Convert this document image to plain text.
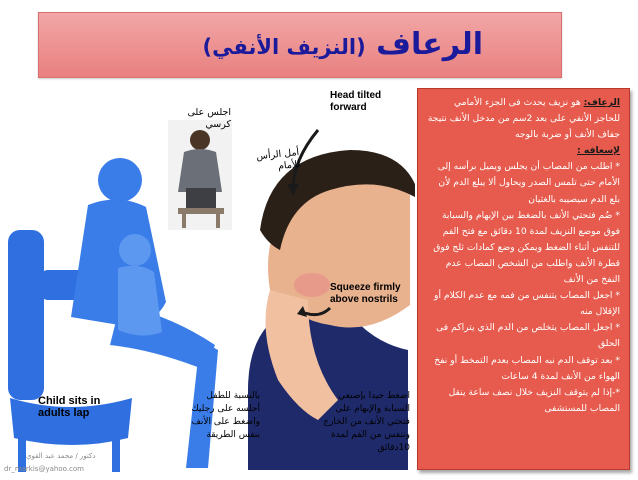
الرعاف (النزيف الأنفي)
اجلس على كرسي
Head tilted forward
أمل الرأس للأمام
Squeeze firmly above nostrils
اضغط جيدا بإصبعي السبابة والإبهام على فتحتي الأنف من الخارج وتنفس من الفم لمدة 10دقائق
Child sits in adults lap
بالنسبة للطفل أجلسه على رجليك واضغط على الأنف بنفس الطريقة
دكتور / محمد عبد القوي
dr_markis@yahoo.com

الرعاف: هو نزيف يحدث فى الجزء الأمامي للحاجز الأنفي على بعد 2سم من مدخل الأنف نتيجة جفاف الأنف أو ضربة بالوجه

لإسعافه :

* اطلب من المصاب أن يجلس ويميل برأسه إلى الأمام حتى تلمس الصدر ويحاول ألا يبلع الدم لأن بلع الدم سيصيبه بالغثيان

* ضُم فتحتي الأنف بالضغط بين الإبهام والسبابة فوق موضع النزيف لمدة 10 دقائق مع فتح الفم للتنفس أثناء الضغط ويمكن وضع كمادات ثلج فوق قطرة الأنف واطلب من الشخص المصاب عدم النفخ من الأنف

* اجعل المصاب يتنفس من فمه مع عدم الكلام أو الإقلال منه

* اجعل المصاب يتخلص من الدم الذي يتراكم فى الحلق

* بعد توقف الدم نبه المصاب بعدم التمخط أو نفخ الهواء من الأنف لمدة 4 ساعات

*-إذا لم يتوقف النزيف خلال نصف ساعة ينقل المصاب للمستشفى
